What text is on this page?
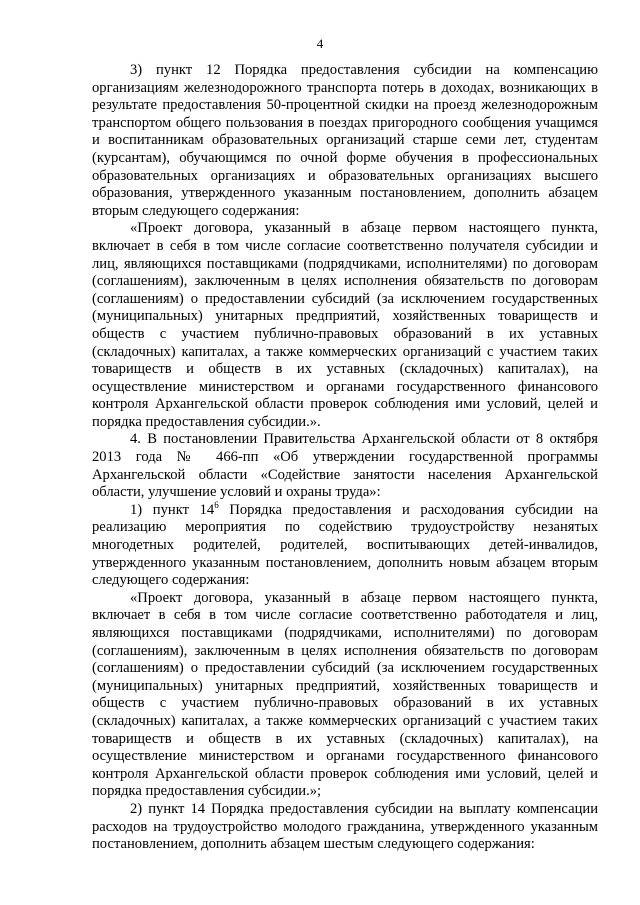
4

3) пункт 12 Порядка предоставления субсидии на компенсацию организациям железнодорожного транспорта потерь в доходах, возникающих в результате предоставления 50-процентной скидки на проезд железнодорожным транспортом общего пользования в поездах пригородного сообщения учащимся и воспитанникам образовательных организаций старше семи лет, студентам (курсантам), обучающимся по очной форме обучения в профессиональных образовательных организациях и образовательных организациях высшего образования, утвержденного указанным постановлением, дополнить абзацем вторым следующего содержания:

«Проект договора, указанный в абзаце первом настоящего пункта, включает в себя в том числе согласие соответственно получателя субсидии и лиц, являющихся поставщиками (подрядчиками, исполнителями) по договорам (соглашениям), заключенным в целях исполнения обязательств по договорам (соглашениям) о предоставлении субсидий (за исключением государственных (муниципальных) унитарных предприятий, хозяйственных товариществ и обществ с участием публично-правовых образований в их уставных (складочных) капиталах, а также коммерческих организаций с участием таких товариществ и обществ в их уставных (складочных) капиталах), на осуществление министерством и органами государственного финансового контроля Архангельской области проверок соблюдения ими условий, целей и порядка предоставления субсидии.».

4. В постановлении Правительства Архангельской области от 8 октября 2013 года № 466-пп «Об утверждении государственной программы Архангельской области «Содействие занятости населения Архангельской области, улучшение условий и охраны труда»:

1) пункт $14^6$ Порядка предоставления и расходования субсидии на реализацию мероприятия по содействию трудоустройству незанятых многодетных родителей, родителей, воспитывающих детей-инвалидов, утвержденного указанным постановлением, дополнить новым абзацем вторым следующего содержания:

«Проект договора, указанный в абзаце первом настоящего пункта, включает в себя в том числе согласие соответственно работодателя и лиц, являющихся поставщиками (подрядчиками, исполнителями) по договорам (соглашениям), заключенным в целях исполнения обязательств по договорам (соглашениям) о предоставлении субсидий (за исключением государственных (муниципальных) унитарных предприятий, хозяйственных товариществ и обществ с участием публично-правовых образований в их уставных (складочных) капиталах, а также коммерческих организаций с участием таких товариществ и обществ в их уставных (складочных) капиталах), на осуществление министерством и органами государственного финансового контроля Архангельской области проверок соблюдения ими условий, целей и порядка предоставления субсидии.»;

2) пункт 14 Порядка предоставления субсидии на выплату компенсации расходов на трудоустройство молодого гражданина, утвержденного указанным постановлением, дополнить абзацем шестым следующего содержания:
